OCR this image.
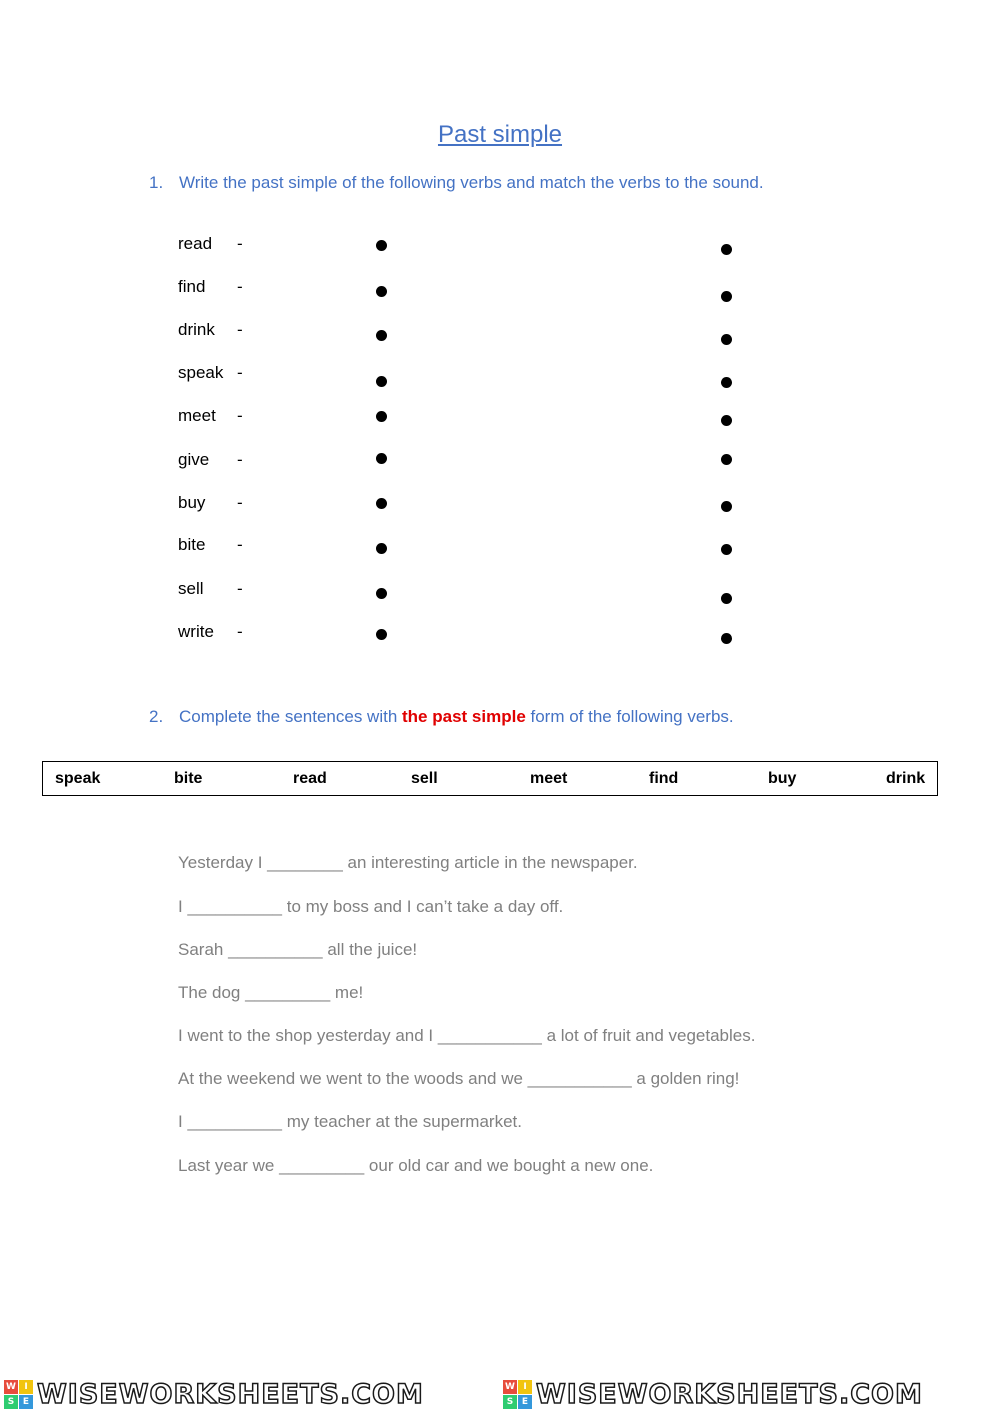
Past simple
1. Write the past simple of the following verbs and match the verbs to the sound.
read -
find -
drink -
speak -
meet -
give -
buy -
bite -
sell -
write -
2. Complete the sentences with the past simple form of the following verbs.
speak	bite	read	sell	meet	find	buy	drink
Yesterday I ________ an interesting article in the newspaper.
I __________ to my boss and I can’t take a day off.
Sarah __________ all the juice!
The dog _________ me!
I went to the shop yesterday and I ___________ a lot of fruit and vegetables.
At the weekend we went to the woods and we ___________ a golden ring!
I __________ my teacher at the supermarket.
Last year we _________ our old car and we bought a new one.
W I
S E WISEWORKSHEETS.COM	W I
S E WISEWORKSHEETS.COM
